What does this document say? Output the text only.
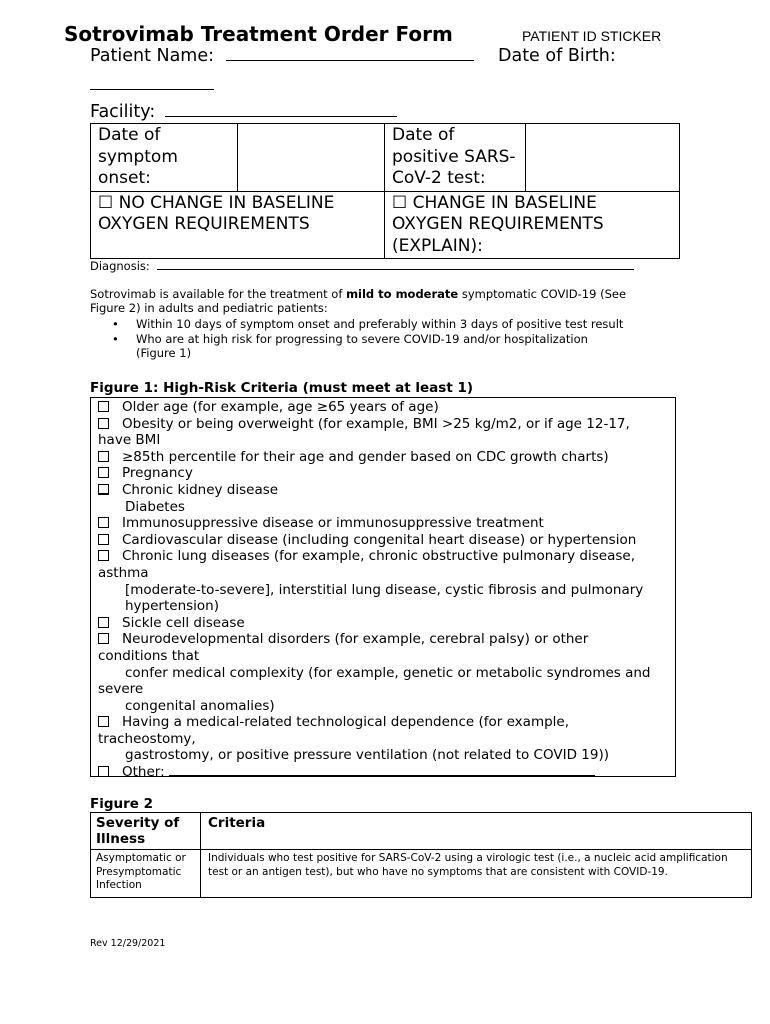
Sotrovimab Treatment Order Form	PATIENT ID STICKER
Patient Name:	Date of Birth:
Facility:
Date of symptom onset:		Date of positive SARS-CoV-2 test:	
☐ NO CHANGE IN BASELINE OXYGEN REQUIREMENTS		☐ CHANGE IN BASELINE OXYGEN REQUIREMENTS (EXPLAIN):	
Diagnosis:
Sotrovimab is available for the treatment of mild to moderate symptomatic COVID-19 (See
Figure 2) in adults and pediatric patients:
• Within 10 days of symptom onset and preferably within 3 days of positive test result
• Who are at high risk for progressing to severe COVID-19 and/or hospitalization
(Figure 1)
Figure 1: High-Risk Criteria (must meet at least 1)
Older age (for example, age ≥65 years of age)
Obesity or being overweight (for example, BMI >25 kg/m2, or if age 12-17,
have BMI
≥85th percentile for their age and gender based on CDC growth charts)
Pregnancy
Chronic kidney disease
Diabetes
Immunosuppressive disease or immunosuppressive treatment
Cardiovascular disease (including congenital heart disease) or hypertension
Chronic lung diseases (for example, chronic obstructive pulmonary disease,
asthma
[moderate-to-severe], interstitial lung disease, cystic fibrosis and pulmonary
hypertension)
Sickle cell disease
Neurodevelopmental disorders (for example, cerebral palsy) or other
conditions that
confer medical complexity (for example, genetic or metabolic syndromes and
severe
congenital anomalies)
Having a medical-related technological dependence (for example,
tracheostomy,
gastrostomy, or positive pressure ventilation (not related to COVID 19))
Other:
Figure 2
Severity of Illness	Criteria
Asymptomatic or Presymptomatic Infection	Individuals who test positive for SARS-CoV-2 using a virologic test (i.e., a nucleic acid amplification test or an antigen test), but who have no symptoms that are consistent with COVID-19.
Rev 12/29/2021
